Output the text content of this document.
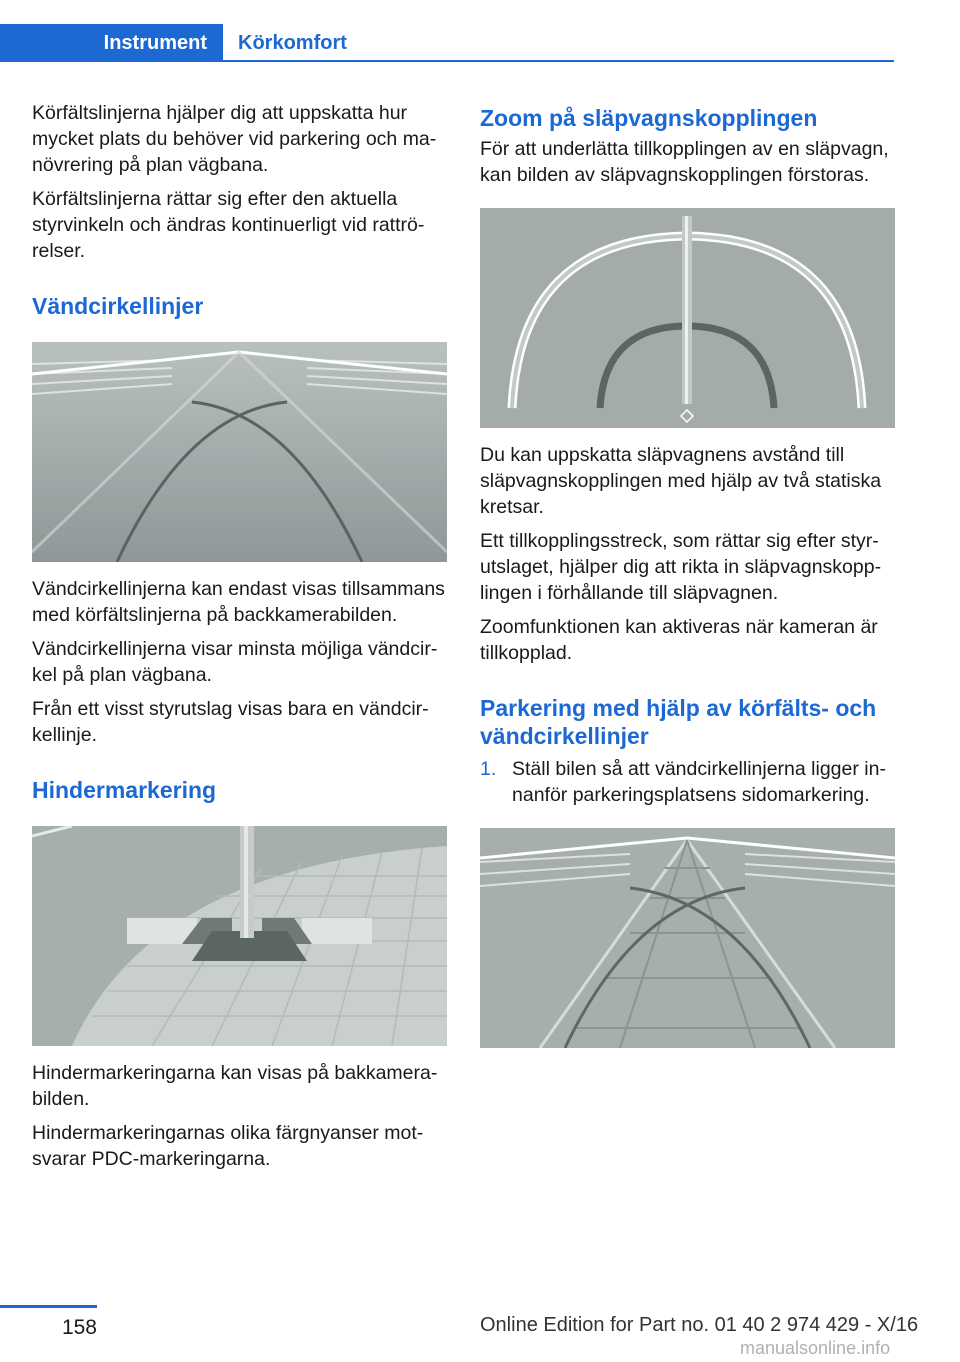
Instrument	Körkomfort

Körfältslinjerna hjälper dig att uppskatta hur mycket plats du behöver vid parkering och manövrering på plan vägbana.

Körfältslinjerna rättar sig efter den aktuella styrvinkeln och ändras kontinuerligt vid rattrörelser.

Vändcirkellinjer

Vändcirkellinjerna kan endast visas tillsammans med körfältslinjerna på backkamerabilden.

Vändcirkellinjerna visar minsta möjliga vändcirkel på plan vägbana.

Från ett visst styrutslag visas bara en vändcirkellinje.

Hindermarkering

Hindermarkeringarna kan visas på bakkamerabilden.

Hindermarkeringarnas olika färgnyanser motsvarar PDC-markeringarna.

Zoom på släpvagnskopplingen

För att underlätta tillkopplingen av en släpvagn, kan bilden av släpvagnskopplingen förstoras.

Du kan uppskatta släpvagnens avstånd till släpvagnskopplingen med hjälp av två statiska kretsar.

Ett tillkopplingsstreck, som rättar sig efter styrutslaget, hjälper dig att rikta in släpvagnskopplingen i förhållande till släpvagnen.

Zoomfunktionen kan aktiveras när kameran är tillkopplad.

Parkering med hjälp av körfälts- och vändcirkellinjer
1. Ställ bilen så att vändcirkellinjerna ligger innanför parkeringsplatsens sidomarkering.
158	Online Edition for Part no. 01 40 2 974 429 - X/16
manualsonline.info
